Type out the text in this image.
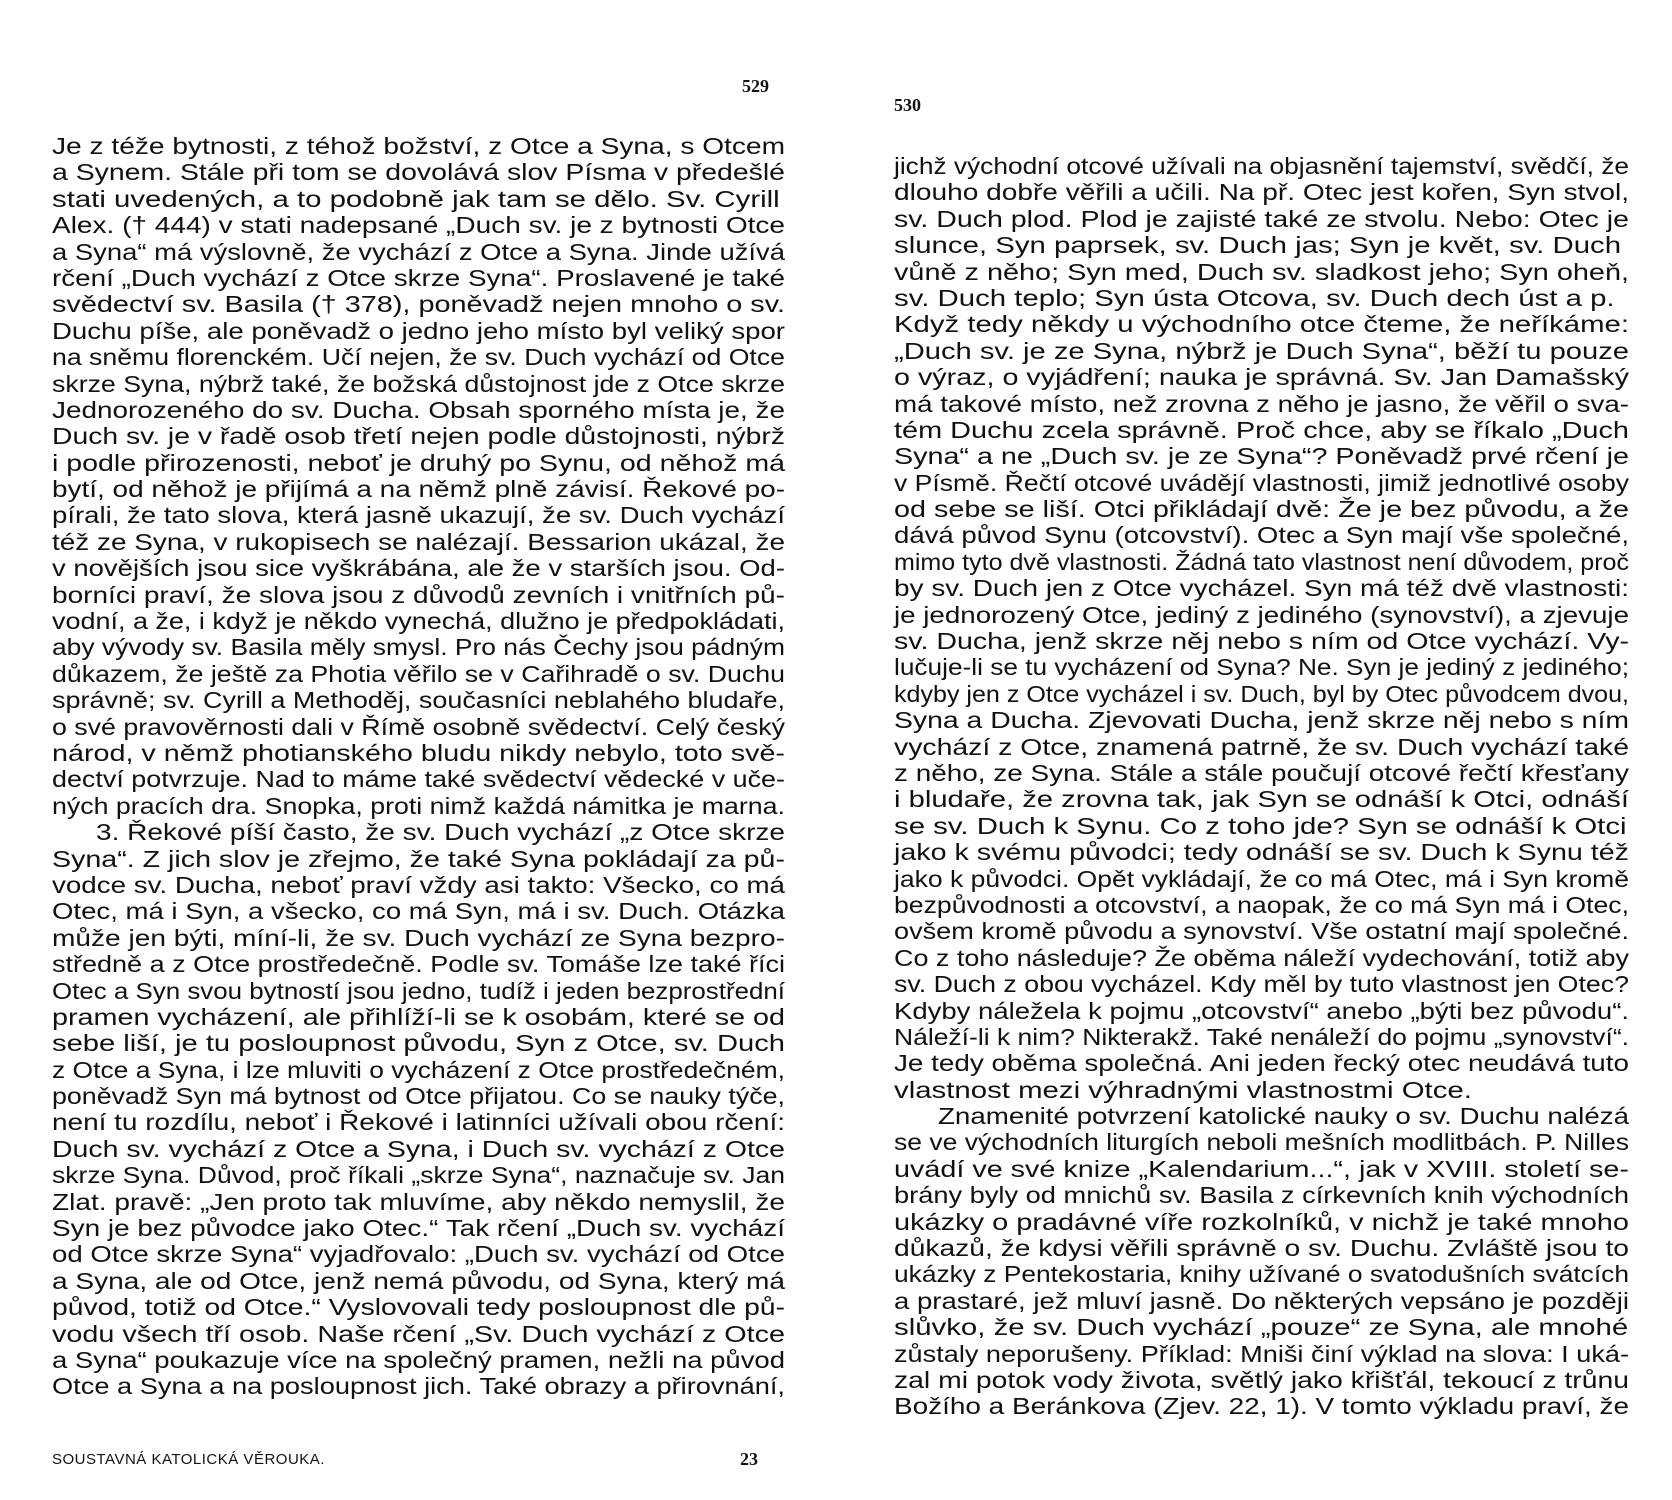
529
Je z téže bytnosti, z téhož božství, z Otce a Syna, s Otcem
a Synem. Stále při tom se dovolává slov Písma v předešlé
stati uvedených, a to podobně jak tam se dělo. Sv. Cyrill
Alex. († 444) v stati nadepsané „Duch sv. je z bytnosti Otce
a Syna“ má výslovně, že vychází z Otce a Syna. Jinde užívá
rčení „Duch vychází z Otce skrze Syna“. Proslavené je také
svědectví sv. Basila († 378), poněvadž nejen mnoho o sv.
Duchu píše, ale poněvadž o jedno jeho místo byl veliký spor
na sněmu florenckém. Učí nejen, že sv. Duch vychází od Otce
skrze Syna, nýbrž také, že božská důstojnost jde z Otce skrze
Jednorozeného do sv. Ducha. Obsah sporného místa je, že
Duch sv. je v řadě osob třetí nejen podle důstojnosti, nýbrž
i podle přirozenosti, neboť je druhý po Synu, od něhož má
bytí, od něhož je přijímá a na němž plně závisí. Řekové po-
pírali, že tato slova, která jasně ukazují, že sv. Duch vychází
též ze Syna, v rukopisech se nalézají. Bessarion ukázal, že
v novějších jsou sice vyškrábána, ale že v starších jsou. Od-
borníci praví, že slova jsou z důvodů zevních i vnitřních pů-
vodní, a že, i když je někdo vynechá, dlužno je předpokládati,
aby vývody sv. Basila měly smysl. Pro nás Čechy jsou pádným
důkazem, že ještě za Photia věřilo se v Cařihradě o sv. Duchu
správně; sv. Cyrill a Methoděj, současníci neblahého bludaře,
o své pravověrnosti dali v Římě osobně svědectví. Celý český
národ, v němž photianského bludu nikdy nebylo, toto svě-
dectví potvrzuje. Nad to máme také svědectví vědecké v uče-
ných pracích dra. Snopka, proti nimž každá námitka je marna.
3. Řekové píší často, že sv. Duch vychází „z Otce skrze
Syna“. Z jich slov je zřejmo, že také Syna pokládají za pů-
vodce sv. Ducha, neboť praví vždy asi takto: Všecko, co má
Otec, má i Syn, a všecko, co má Syn, má i sv. Duch. Otázka
může jen býti, míní-li, že sv. Duch vychází ze Syna bezpro-
středně a z Otce prostředečně. Podle sv. Tomáše lze také říci
Otec a Syn svou bytností jsou jedno, tudíž i jeden bezprostřední
pramen vycházení, ale přihlíží-li se k osobám, které se od
sebe liší, je tu posloupnost původu, Syn z Otce, sv. Duch
z Otce a Syna, i lze mluviti o vycházení z Otce prostředečném,
poněvadž Syn má bytnost od Otce přijatou. Co se nauky týče,
není tu rozdílu, neboť i Řekové i latinníci užívali obou rčení:
Duch sv. vychází z Otce a Syna, i Duch sv. vychází z Otce
skrze Syna. Důvod, proč říkali „skrze Syna“, naznačuje sv. Jan
Zlat. pravě: „Jen proto tak mluvíme, aby někdo nemyslil, že
Syn je bez původce jako Otec.“ Tak rčení „Duch sv. vychází
od Otce skrze Syna“ vyjadřovalo: „Duch sv. vychází od Otce
a Syna, ale od Otce, jenž nemá původu, od Syna, který má
původ, totiž od Otce.“ Vyslovovali tedy posloupnost dle pů-
vodu všech tří osob. Naše rčení „Sv. Duch vychází z Otce
a Syna“ poukazuje více na společný pramen, nežli na původ
Otce a Syna a na posloupnost jich. Také obrazy a přirovnání,
SOUSTAVNÁ KATOLICKÁ VĚROUKA.	23
530
jichž východní otcové užívali na objasnění tajemství, svědčí, že
dlouho dobře věřili a učili. Na př. Otec jest kořen, Syn stvol,
sv. Duch plod. Plod je zajisté také ze stvolu. Nebo: Otec je
slunce, Syn paprsek, sv. Duch jas; Syn je květ, sv. Duch
vůně z něho; Syn med, Duch sv. sladkost jeho; Syn oheň,
sv. Duch teplo; Syn ústa Otcova, sv. Duch dech úst a p.
Když tedy někdy u východního otce čteme, že neříkáme:
„Duch sv. je ze Syna, nýbrž je Duch Syna“, běží tu pouze
o výraz, o vyjádření; nauka je správná. Sv. Jan Damašský
má takové místo, než zrovna z něho je jasno, že věřil o sva-
tém Duchu zcela správně. Proč chce, aby se říkalo „Duch
Syna“ a ne „Duch sv. je ze Syna“? Poněvadž prvé rčení je
v Písmě. Řečtí otcové uvádějí vlastnosti, jimiž jednotlivé osoby
od sebe se liší. Otci přikládají dvě: Že je bez původu, a že
dává původ Synu (otcovství). Otec a Syn mají vše společné,
mimo tyto dvě vlastnosti. Žádná tato vlastnost není důvodem, proč
by sv. Duch jen z Otce vycházel. Syn má též dvě vlastnosti:
je jednorozený Otce, jediný z jediného (synovství), a zjevuje
sv. Ducha, jenž skrze něj nebo s ním od Otce vychází. Vy-
lučuje-li se tu vycházení od Syna? Ne. Syn je jediný z jediného;
kdyby jen z Otce vycházel i sv. Duch, byl by Otec původcem dvou,
Syna a Ducha. Zjevovati Ducha, jenž skrze něj nebo s ním
vychází z Otce, znamená patrně, že sv. Duch vychází také
z něho, ze Syna. Stále a stále poučují otcové řečtí křesťany
i bludaře, že zrovna tak, jak Syn se odnáší k Otci, odnáší
se sv. Duch k Synu. Co z toho jde? Syn se odnáší k Otci
jako k svému původci; tedy odnáší se sv. Duch k Synu též
jako k původci. Opět vykládají, že co má Otec, má i Syn kromě
bezpůvodnosti a otcovství, a naopak, že co má Syn má i Otec,
ovšem kromě původu a synovství. Vše ostatní mají společné.
Co z toho následuje? Že oběma náleží vydechování, totiž aby
sv. Duch z obou vycházel. Kdy měl by tuto vlastnost jen Otec?
Kdyby náležela k pojmu „otcovství“ anebo „býti bez původu“.
Náleží-li k nim? Nikterakž. Také nenáleží do pojmu „synovství“.
Je tedy oběma společná. Ani jeden řecký otec neudává tuto
vlastnost mezi výhradnými vlastnostmi Otce.
Znamenité potvrzení katolické nauky o sv. Duchu nalézá
se ve východních liturgích neboli mešních modlitbách. P. Nilles
uvádí ve své knize „Kalendarium...“, jak v XVIII. století se-
brány byly od mnichů sv. Basila z církevních knih východních
ukázky o pradávné víře rozkolníků, v nichž je také mnoho
důkazů, že kdysi věřili správně o sv. Duchu. Zvláště jsou to
ukázky z Pentekostaria, knihy užívané o svatodušních svátcích
a prastaré, jež mluví jasně. Do některých vepsáno je později
slůvko, že sv. Duch vychází „pouze“ ze Syna, ale mnohé
zůstaly neporušeny. Příklad: Mniši činí výklad na slova: I uká-
zal mi potok vody života, světlý jako křišťál, tekoucí z trůnu
Božího a Beránkova (Zjev. 22, 1). V tomto výkladu praví, že
